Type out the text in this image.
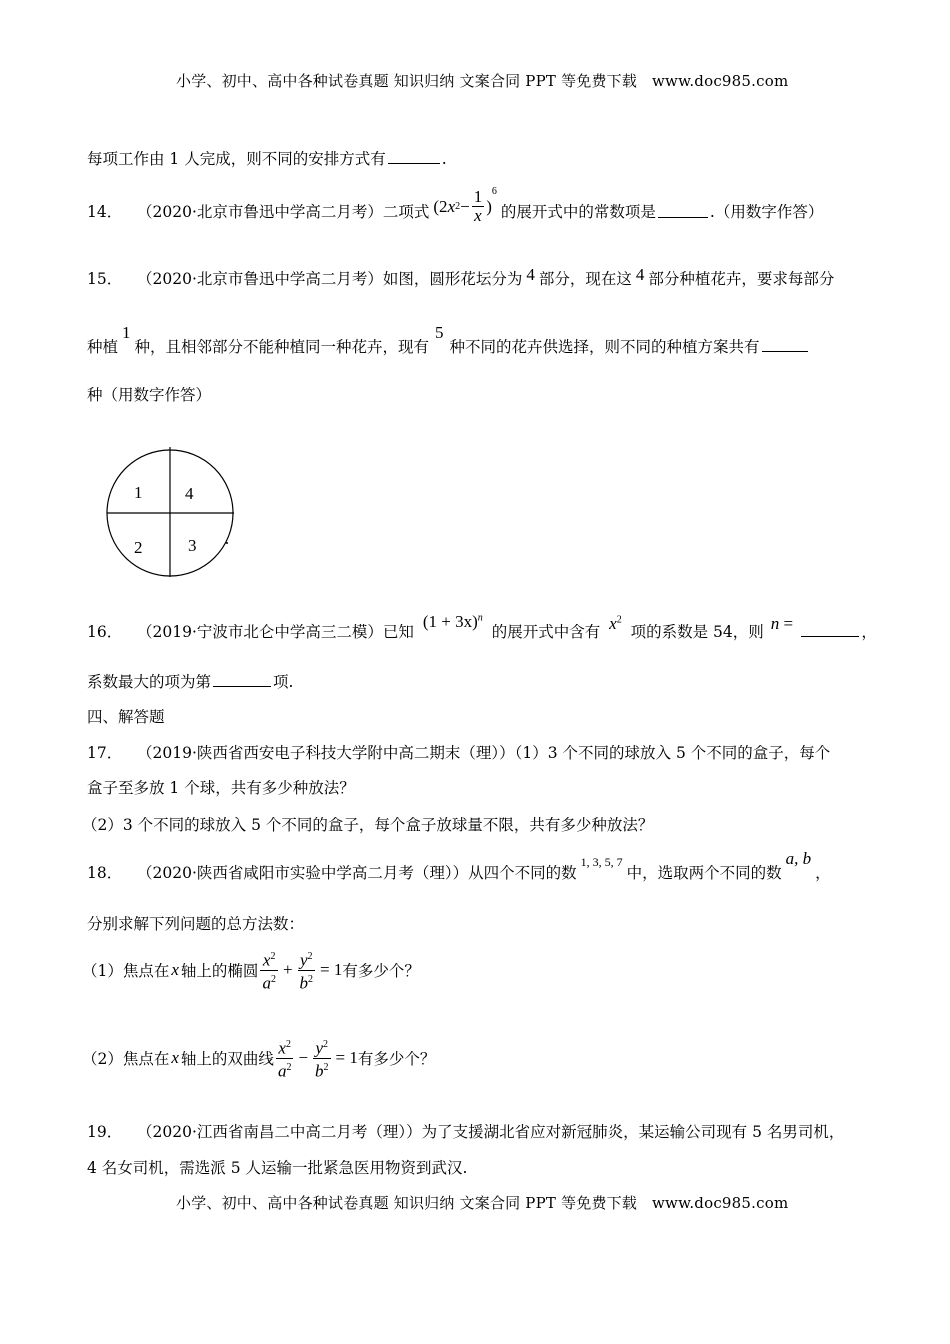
小学、初中、高中各种试卷真题 知识归纳 文案合同 PPT 等免费下载 www.doc985.com
每项工作由 1 人完成，则不同的安排方式有	.
14．
（2020·北京市鲁迅中学高二月考）二项式 (2 x $2 - \frac{1}{x}$ )
$^6$
的展开式中的常数项是	.（用数字作答）
15． （2020·北京市鲁迅中学高二月考）如图，圆形花坛分为 4 部分，现在这 4 部分种植花卉，要求每部分
种植1种，且相邻部分不能种植同一种花卉，现有5种不同的花卉供选择，则不同的种植方案共有
种（用数字作答）
1	4
2	3
16． （2019·宁波市北仑中学高三二模）已知 $(1 + 3x)^n$ 的展开式中含有 $x^2$ 项的系数是 54，则 n =	，
系数最大的项为第	项.
四、解答题
17． （2019·陕西省西安电子科技大学附中高二期末（理））（1）3 个不同的球放入 5 个不同的盒子，每个
盒子至多放 1 个球，共有多少种放法？
（2）3 个不同的球放入 5 个不同的盒子，每个盒子放球量不限，共有多少种放法？
18． （2020·陕西省咸阳市实验中学高二月考（理））从四个不同的数$^{1, 3, 5, 7}$中，选取两个不同的数a, b，
分别求解下列问题的总方法数：
（1）焦点在 x 轴上的椭圆 $\frac{x^2}{a^2} + \frac{y^2}{b^2} = 1$ 有多少个？
（2）焦点在 x 轴上的双曲线 $\frac{x^2}{a^2} - \frac{y^2}{b^2} = 1$ 有多少个？
19． （2020·江西省南昌二中高二月考（理））为了支援湖北省应对新冠肺炎，某运输公司现有 5 名男司机，
4 名女司机，需选派 5 人运输一批紧急医用物资到武汉.
小学、初中、高中各种试卷真题 知识归纳 文案合同 PPT 等免费下载 www.doc985.com
